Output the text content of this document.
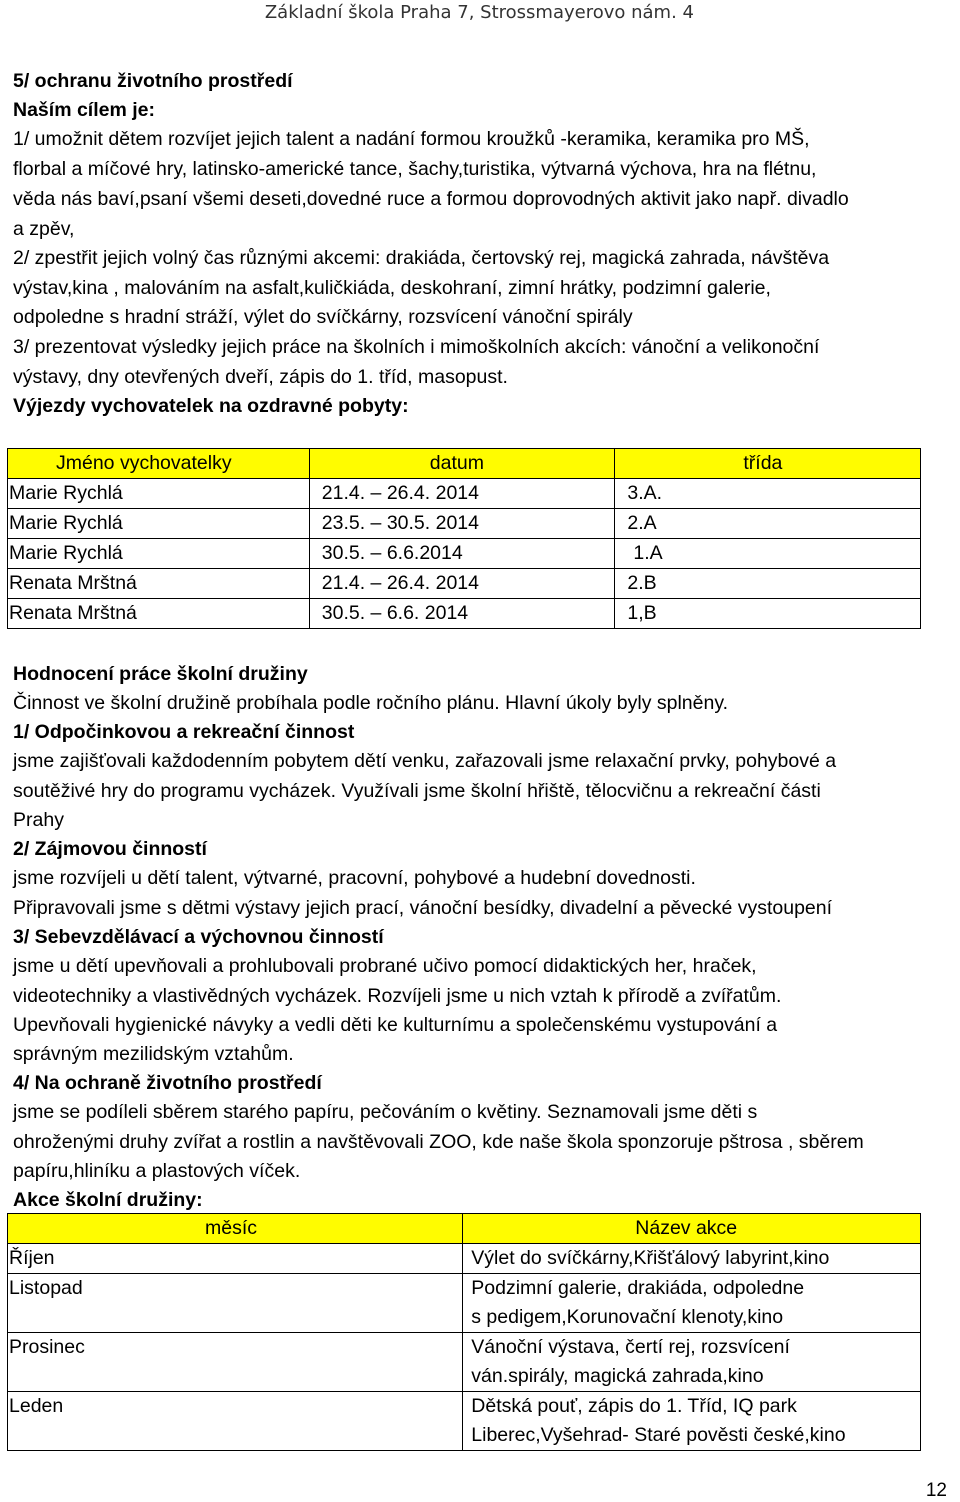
Základní škola Praha 7, Strossmayerovo nám. 4
5/ ochranu životního prostředí
Naším cílem je:
1/ umožnit dětem rozvíjet jejich talent a nadání formou kroužků -keramika, keramika pro MŠ,
florbal a míčové hry, latinsko-americké tance, šachy,turistika, výtvarná výchova, hra na flétnu,
věda nás baví,psaní všemi deseti,dovedné ruce a formou doprovodných aktivit jako např. divadlo
a zpěv,
2/ zpestřit jejich volný čas různými akcemi: drakiáda, čertovský rej, magická zahrada, návštěva
výstav,kina , malováním na asfalt,kuličkiáda, deskohraní, zimní hrátky, podzimní galerie,
odpoledne s hradní stráží, výlet do svíčkárny, rozsvícení vánoční spirály
3/ prezentovat výsledky jejich práce na školních i mimoškolních akcích: vánoční a velikonoční
výstavy, dny otevřených dveří, zápis do 1. tříd, masopust.
Výjezdy vychovatelek na ozdravné pobyty:
Jméno vychovatelky	datum	třída
Marie Rychlá	21.4. – 26.4. 2014	3.A.
Marie Rychlá	23.5. – 30.5. 2014	2.A
Marie Rychlá	30.5. – 6.6.2014	1.A
Renata Mrštná	21.4. – 26.4. 2014	2.B
Renata Mrštná	30.5. – 6.6. 2014	1,B
Hodnocení práce školní družiny
Činnost ve školní družině probíhala podle ročního plánu. Hlavní úkoly byly splněny.
1/ Odpočinkovou a rekreační činnost
jsme zajišťovali každodenním pobytem dětí venku, zařazovali jsme relaxační prvky, pohybové a
soutěživé hry do programu vycházek. Využívali jsme školní hřiště, tělocvičnu a rekreační části
Prahy
2/ Zájmovou činností
jsme rozvíjeli u dětí talent, výtvarné, pracovní, pohybové a hudební dovednosti.
Připravovali jsme s dětmi výstavy jejich prací, vánoční besídky, divadelní a pěvecké vystoupení
3/ Sebevzdělávací a výchovnou činností
jsme u dětí upevňovali a prohlubovali probrané učivo pomocí didaktických her, hraček,
videotechniky a vlastivědných vycházek. Rozvíjeli jsme u nich vztah k přírodě a zvířatům.
Upevňovali hygienické návyky a vedli děti ke kulturnímu a společenskému vystupování a
správným mezilidským vztahům.
4/ Na ochraně životního prostředí
jsme se podíleli sběrem starého papíru, pečováním o květiny. Seznamovali jsme děti s
ohroženými druhy zvířat a rostlin a navštěvovali ZOO, kde naše škola sponzoruje pštrosa , sběrem
papíru,hliníku a plastových víček.
Akce školní družiny:
měsíc	Název akce
Říjen	Výlet do svíčkárny,Křišťálový labyrint,kino

Listopad	Podzimní galerie, drakiáda, odpoledne
s pedigem,Korunovační klenoty,kino

Prosinec	Vánoční výstava, čertí rej, rozsvícení
ván.spirály, magická zahrada,kino

Leden	Dětská pouť, zápis do 1. Tříd, IQ park
Liberec,Vyšehrad- Staré pověsti české,kino
12
